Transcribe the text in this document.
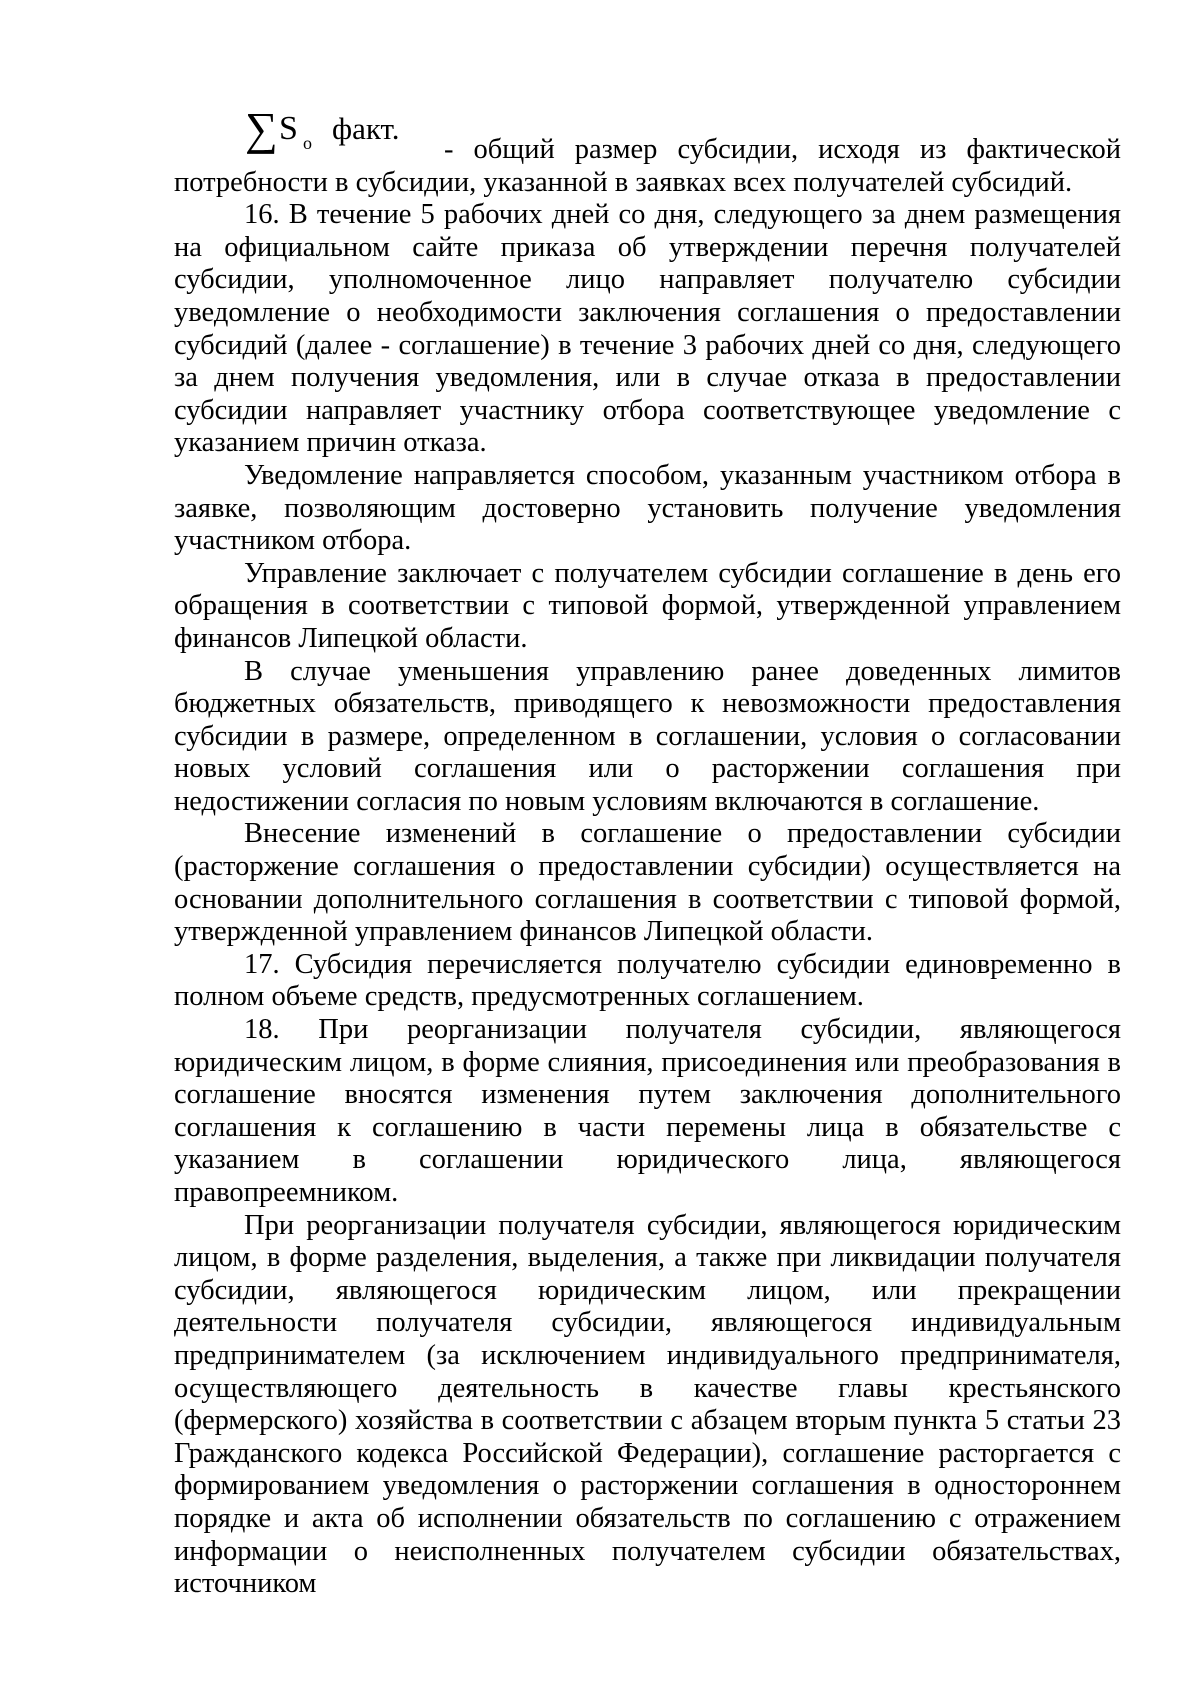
∑ S o факт.

- общий размер субсидии, исходя из фактической потребности в субсидии, указанной в заявках всех получателей субсидий.

16. В течение 5 рабочих дней со дня, следующего за днем размещения на официальном сайте приказа об утверждении перечня получателей субсидии, уполномоченное лицо направляет получателю субсидии уведомление о необходимости заключения соглашения о предоставлении субсидий (далее - соглашение) в течение 3 рабочих дней со дня, следующего за днем получения уведомления, или в случае отказа в предоставлении субсидии направляет участнику отбора соответствующее уведомление с указанием причин отказа.

Уведомление направляется способом, указанным участником отбора в заявке, позволяющим достоверно установить получение уведомления участником отбора.

Управление заключает с получателем субсидии соглашение в день его обращения в соответствии с типовой формой, утвержденной управлением финансов Липецкой области.

В случае уменьшения управлению ранее доведенных лимитов бюджетных обязательств, приводящего к невозможности предоставления субсидии в размере, определенном в соглашении, условия о согласовании новых условий соглашения или о расторжении соглашения при недостижении согласия по новым условиям включаются в соглашение.

Внесение изменений в соглашение о предоставлении субсидии (расторжение соглашения о предоставлении субсидии) осуществляется на основании дополнительного соглашения в соответствии с типовой формой, утвержденной управлением финансов Липецкой области.

17. Субсидия перечисляется получателю субсидии единовременно в полном объеме средств, предусмотренных соглашением.

18. При реорганизации получателя субсидии, являющегося юридическим лицом, в форме слияния, присоединения или преобразования в соглашение вносятся изменения путем заключения дополнительного соглашения к соглашению в части перемены лица в обязательстве с указанием в соглашении юридического лица, являющегося правопреемником.

При реорганизации получателя субсидии, являющегося юридическим лицом, в форме разделения, выделения, а также при ликвидации получателя субсидии, являющегося юридическим лицом, или прекращении деятельности получателя субсидии, являющегося индивидуальным предпринимателем (за исключением индивидуального предпринимателя, осуществляющего деятельность в качестве главы крестьянского (фермерского) хозяйства в соответствии с абзацем вторым пункта 5 статьи 23 Гражданского кодекса Российской Федерации), соглашение расторгается с формированием уведомления о расторжении соглашения в одностороннем порядке и акта об исполнении обязательств по соглашению с отражением информации о неисполненных получателем субсидии обязательствах, источником
